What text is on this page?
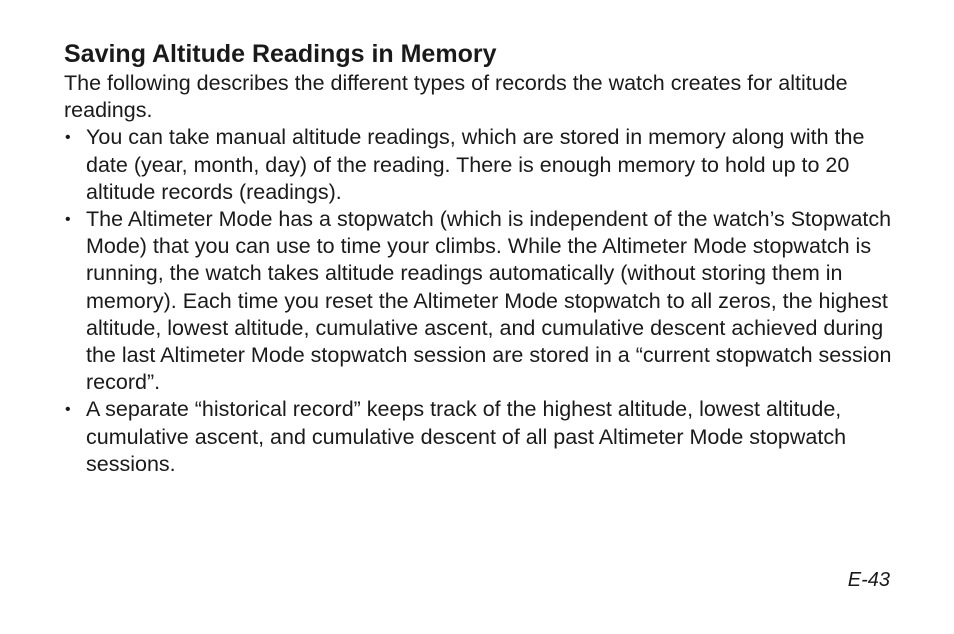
Saving Altitude Readings in Memory

The following describes the different types of records the watch creates for altitude readings.

• You can take manual altitude readings, which are stored in memory along with the date (year, month, day) of the reading. There is enough memory to hold up to 20 altitude records (readings).
• The Altimeter Mode has a stopwatch (which is independent of the watch’s Stopwatch Mode) that you can use to time your climbs. While the Altimeter Mode stopwatch is running, the watch takes altitude readings automatically (without storing them in memory). Each time you reset the Altimeter Mode stopwatch to all zeros, the highest altitude, lowest altitude, cumulative ascent, and cumulative descent achieved during the last Altimeter Mode stopwatch session are stored in a “current stopwatch session record”.
• A separate “historical record” keeps track of the highest altitude, lowest altitude, cumulative ascent, and cumulative descent of all past Altimeter Mode stopwatch sessions.
E-43
